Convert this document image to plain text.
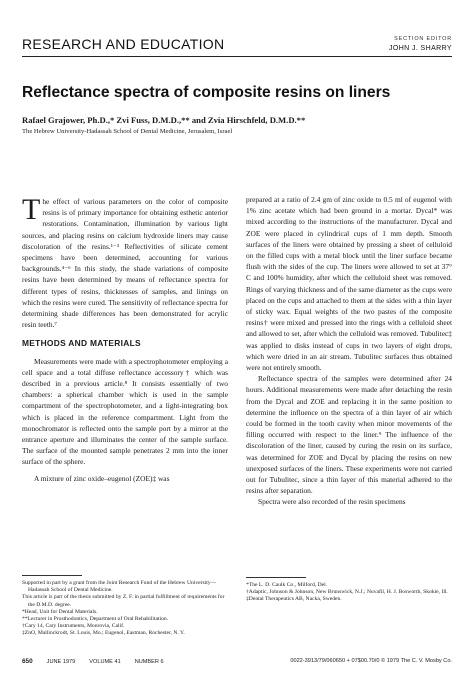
RESEARCH AND EDUCATION	SECTION EDITOR
JOHN J. SHARRY
Reflectance spectra of composite resins on liners
Rafael Grajower, Ph.D.,* Zvi Fuss, D.M.D.,** and Zvia Hirschfeld, D.M.D.**
The Hebrew University-Hadassah School of Dental Medicine, Jerusalem, Israel

The effect of various parameters on the color of composite resins is of primary importance for obtaining esthetic anterior restorations. Contamination, illumination by various light sources, and placing resins on calcium hydroxide liners may cause discoloration of the resins.¹⁻³ Reflectivities of silicate cement specimens have been determined, accounting for various backgrounds.⁴⁻⁶ In this study, the shade variations of composite resins have been determined by means of reflectance spectra for different types of resins, thicknesses of samples, and linings on which the resins were cured. The sensitivity of reflectance spectra for determining shade differences has been demonstrated for acrylic resin teeth.⁷

METHODS AND MATERIALS

Measurements were made with a spectrophotometer employing a cell space and a total diffuse reflectance accessory† which was described in a previous article.⁸ It consists essentially of two chambers: a spherical chamber which is used in the sample compartment of the spectrophotometer, and a light-integrating box which is placed in the reference compartment. Light from the monochromator is reflected onto the sample port by a mirror at the entrance aperture and illuminates the center of the sample surface. The surface of the mounted sample penetrates 2 mm into the inner surface of the sphere.

A mixture of zinc oxide–eugenol (ZOE)‡ was

prepared at a ratio of 2.4 gm of zinc oxide to 0.5 ml of eugenol with 1% zinc acetate which had been ground in a mortar. Dycal* was mixed according to the instructions of the manufacturer. Dycal and ZOE were placed in cylindrical cups of 1 mm depth. Smooth surfaces of the liners were obtained by pressing a sheet of celluloid on the filled cups with a metal block until the liner surface became flush with the sides of the cup. The liners were allowed to set at 37° C and 100% humidity, after which the celluloid sheet was removed. Rings of varying thickness and of the same diameter as the cups were placed on the cups and attached to them at the sides with a thin layer of sticky wax. Equal weights of the two pastes of the composite resins† were mixed and pressed into the rings with a celluloid sheet and allowed to set, after which the celluloid was removed. Tubulitec‡ was applied to disks instead of cups in two layers of eight drops, which were dried in an air stream. Tubulitec surfaces thus obtained were not entirely smooth.

Reflectance spectra of the samples were determined after 24 hours. Additional measurements were made after detaching the resin from the Dycal and ZOE and replacing it in the same position to determine the influence on the spectra of a thin layer of air which could be formed in the tooth cavity when minor movements of the filling occurred with respect to the liner.⁹ The influence of the discoloration of the liner, caused by curing the resin on its surface, was determined for ZOE and Dycal by placing the resins on new unexposed surfaces of the liners. These experiments were not carried out for Tubulitec, since a thin layer of this material adhered to the resins after separation.

Spectra were also recorded of the resin specimens

Supported in part by a grant from the Joint Research Fund of the Hebrew University—Hadassah School of Dental Medicine.

This article is part of the thesis submitted by Z. F. in partial fulfillment of requirements for the D.M.D. degree.

*Head, Unit for Dental Materials.

**Lecturer in Prosthodontics, Department of Oral Rehabilitation.

†Cary 14, Cary Instruments, Monrovia, Calif.

‡ZnO, Mallinckrodt, St. Louis, Mo.; Eugenol, Eastman, Rochester, N. Y.

*The L. D. Caulk Co., Milford, Del.

†Adaptic, Johnson & Johnson, New Brunswick, N.J.; Nuvafil, H. J. Bosworth, Skokie, Ill.

‡Dental Therapeutics AB, Nacka, Sweden.

650	JUNE 1979	VOLUME 41	NUMBER 6	0022-3913/79/060650 + 07$00.70/0 © 1979 The C. V. Mosby Co.
